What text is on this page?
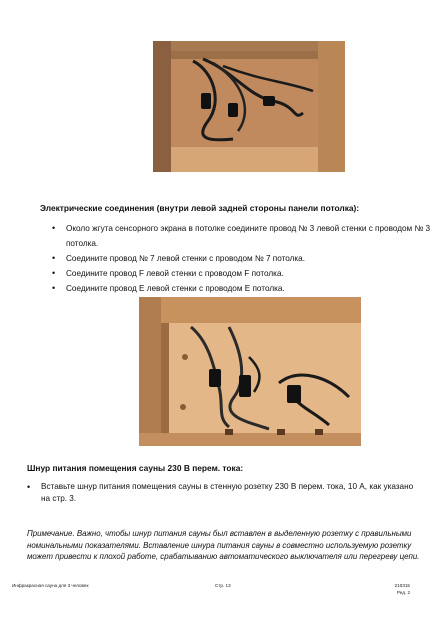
Электрические соединения (внутри левой задней стороны панели потолка):
• Около жгута сенсорного экрана в потолке соедините провод № 3 левой стенки с проводом № 3 потолка.
• Соедините провод № 7 левой стенки с проводом № 7 потолка.
• Соедините провод F левой стенки с проводом F потолка.
• Соедините провод E левой стенки с проводом E потолка.
Шнур питания помещения сауны 230 В перем. тока:
• Вставьте шнур питания помещения сауны в стенную розетку 230 В перем. тока, 10 А, как указано на стр. 3.
Примечание. Важно, чтобы шнур питания сауны был вставлен в выделенную розетку с правильными номинальными показателями. Вставление шнура питания сауны в совместно используемую розетку может привести к плохой работе, срабатыванию автоматического выключателя или перегреву цепи.
Инфракрасная сауна для 3 человек	Стр. 13	210315
Ред. 2
